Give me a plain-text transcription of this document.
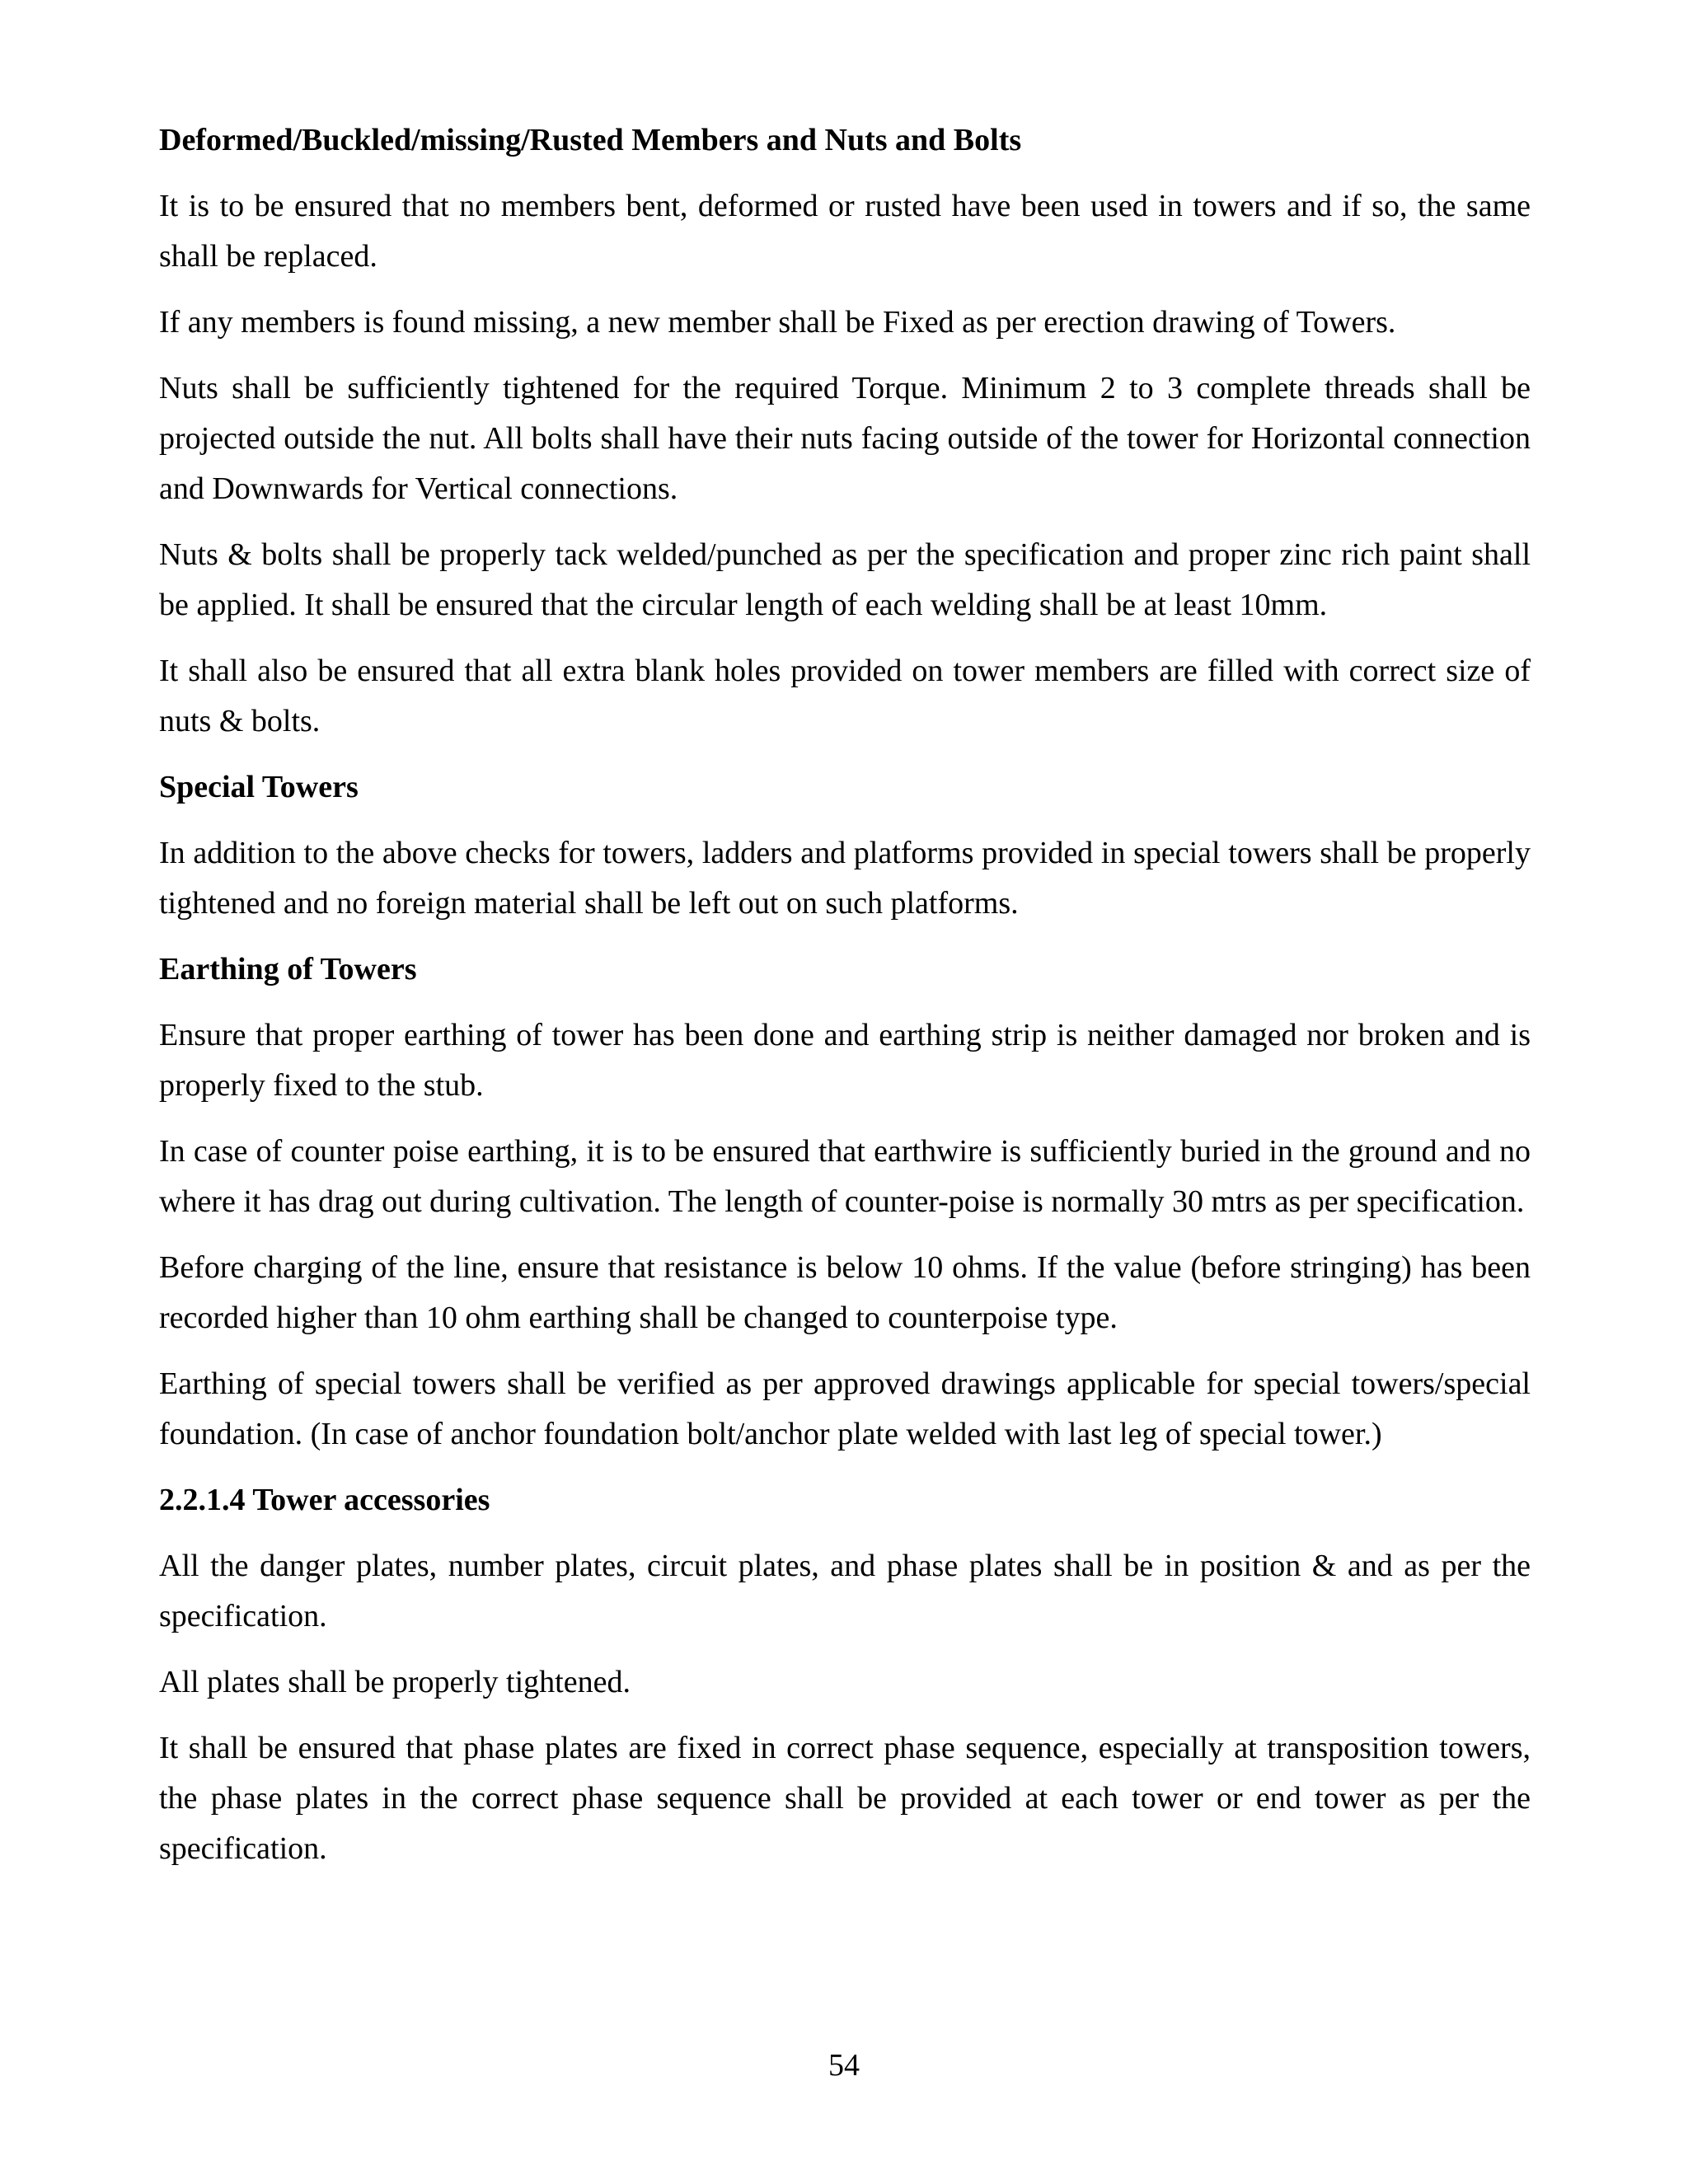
Deformed/Buckled/missing/Rusted Members and Nuts and Bolts
It is to be ensured that no members bent, deformed or rusted have been used in towers and if so, the same shall be replaced.
If any members is found missing, a new member shall be Fixed as per erection drawing of Towers.
Nuts shall be sufficiently tightened for the required Torque. Minimum 2 to 3 complete threads shall be projected outside the nut. All bolts shall have their nuts facing outside of the tower for Horizontal connection and Downwards for Vertical connections.
Nuts & bolts shall be properly tack welded/punched as per the specification and proper zinc rich paint shall be applied. It shall be ensured that the circular length of each welding shall be at least 10mm.
It shall also be ensured that all extra blank holes provided on tower members are filled with correct size of nuts & bolts.
Special Towers
In addition to the above checks for towers, ladders and platforms provided in special towers shall be properly tightened and no foreign material shall be left out on such platforms.
Earthing of Towers
Ensure that proper earthing of tower has been done and earthing strip is neither damaged nor broken and is properly fixed to the stub.
In case of counter poise earthing, it is to be ensured that earthwire is sufficiently buried in the ground and no where it has drag out during cultivation. The length of counter-poise is normally 30 mtrs as per specification.
Before charging of the line, ensure that resistance is below 10 ohms. If the value (before stringing) has been recorded higher than 10 ohm earthing shall be changed to counterpoise type.
Earthing of special towers shall be verified as per approved drawings applicable for special towers/special foundation. (In case of anchor foundation bolt/anchor plate welded with last leg of special tower.)
2.2.1.4 Tower accessories
All the danger plates, number plates, circuit plates, and phase plates shall be in position & and as per the specification.
All plates shall be properly tightened.
It shall be ensured that phase plates are fixed in correct phase sequence, especially at transposition towers, the phase plates in the correct phase sequence shall be provided at each tower or end tower as per the specification.
54
